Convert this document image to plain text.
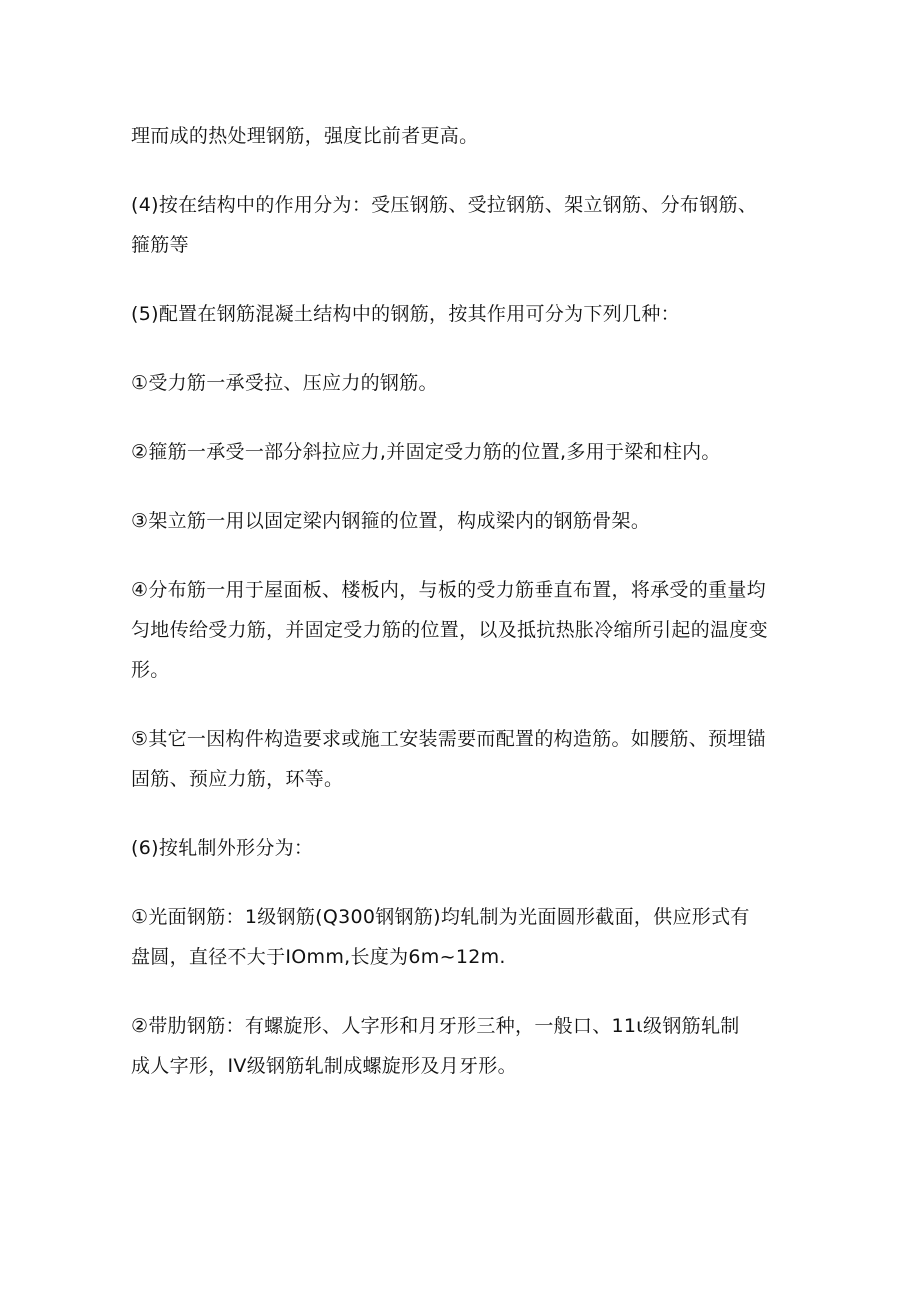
理而成的热处理钢筋，强度比前者更高。

(4)按在结构中的作用分为：受压钢筋、受拉钢筋、架立钢筋、分布钢筋、
箍筋等

(5)配置在钢筋混凝土结构中的钢筋，按其作用可分为下列几种：

①受力筋一承受拉、压应力的钢筋。

②箍筋一承受一部分斜拉应力,并固定受力筋的位置,多用于梁和柱内。

③架立筋一用以固定梁内钢箍的位置，构成梁内的钢筋骨架。

④分布筋一用于屋面板、楼板内，与板的受力筋垂直布置，将承受的重量均
匀地传给受力筋，并固定受力筋的位置，以及抵抗热胀冷缩所引起的温度变
形。

⑤其它一因构件构造要求或施工安装需要而配置的构造筋。如腰筋、预埋锚
固筋、预应力筋，环等。

(6)按轧制外形分为：

①光面钢筋：1级钢筋(Q300钢钢筋)均轧制为光面圆形截面，供应形式有
盘圆，直径不大于IOmm,长度为6m~12m.

②带肋钢筋：有螺旋形、人字形和月牙形三种，一般口、11ι级钢筋轧制
成人字形，IV级钢筋轧制成螺旋形及月牙形。
